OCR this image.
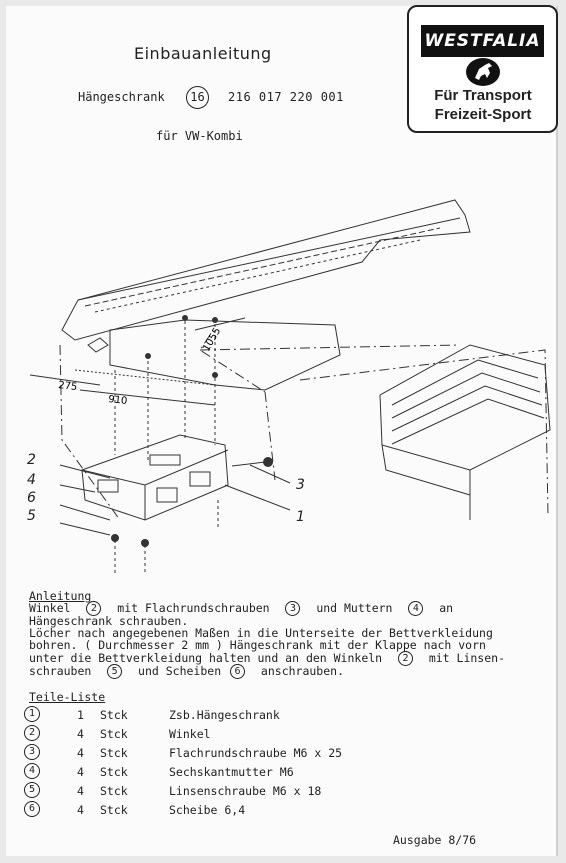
Einbauanleitung
Hängeschrank	16	216 017 220 001
für VW-Kombi
WESTFALIA
Für Transport
Freizeit-Sport
275
910
1055
2
4
6
5
3
1
Anleitung
Winkel 2 mit Flachrundschrauben 3 und Muttern 4 an
Hängeschrank schrauben.
Löcher nach angegebenen Maßen in die Unterseite der Bettverkleidung
bohren. ( Durchmesser 2 mm ) Hängeschrank mit der Klappe nach vorn
unter die Bettverkleidung halten und an den Winkeln 2 mit Linsen-
schrauben 5 und Scheiben 6 anschrauben.
Teile-Liste
1	1 Stck	Zsb.Hängeschrank
2	4 Stck	Winkel
3	4 Stck	Flachrundschraube M6 x 25
4	4 Stck	Sechskantmutter M6
5	4 Stck	Linsenschraube M6 x 18
6	4 Stck	Scheibe 6,4
Ausgabe 8/76
